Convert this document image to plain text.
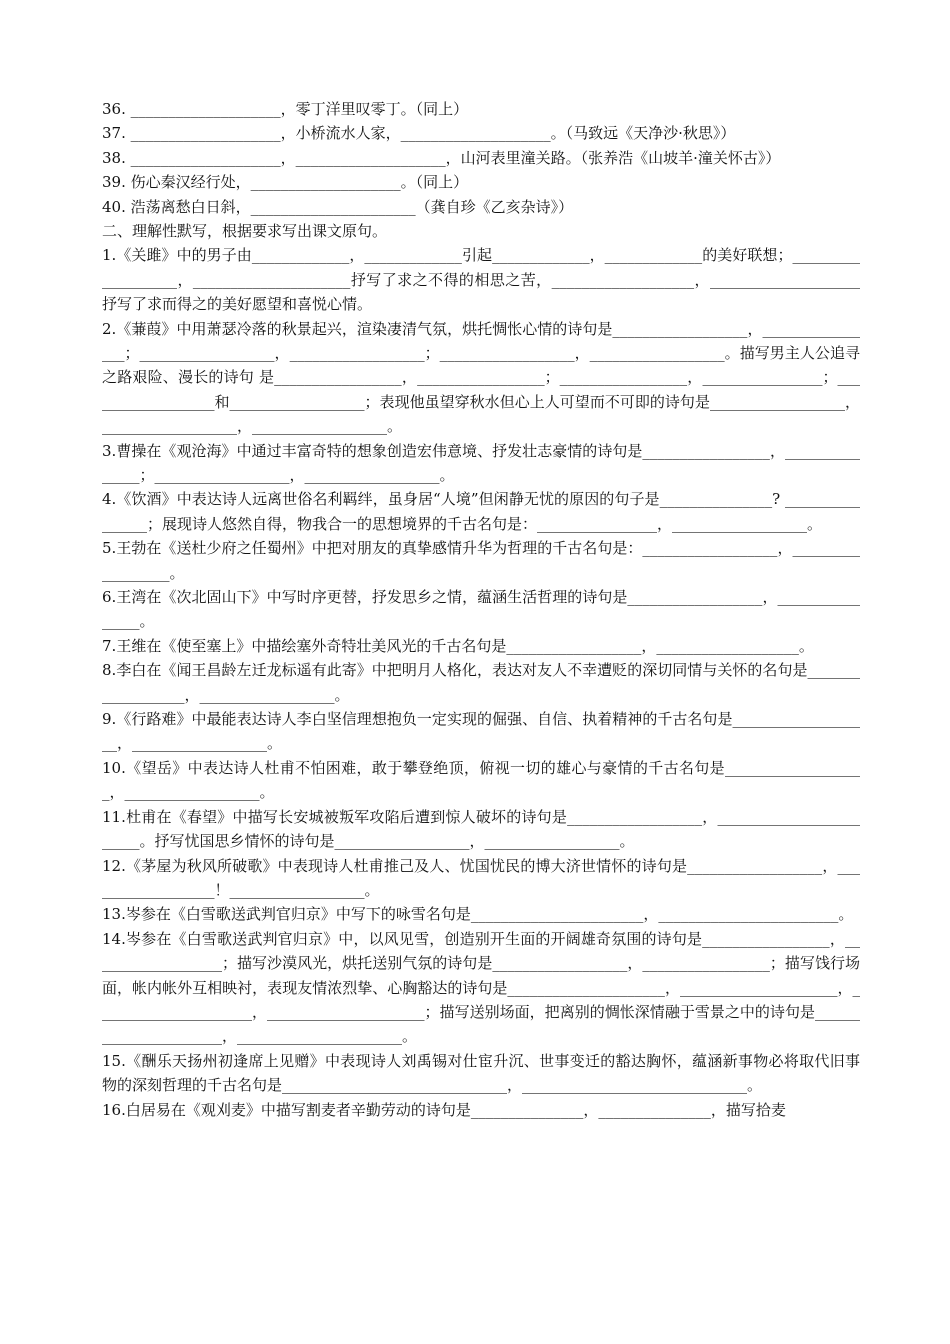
36. ____________________，零丁洋里叹零丁。（同上）
37. ____________________，小桥流水人家，____________________。（马致远《天净沙·秋思》）
38. ____________________，____________________，山河表里潼关路。（张养浩《山坡羊·潼关怀古》）
39. 伤心秦汉经行处，____________________。（同上）
40. 浩荡离愁白日斜，______________________（龚自珍《乙亥杂诗》）
二、理解性默写，根据要求写出课文原句。

1.《关雎》中的男子由_____________，_____________引起_____________，_____________的美好联想；___________________，_____________________抒写了求之不得的相思之苦，___________________，____________________抒写了求而得之的美好愿望和喜悦心情。

2.《蒹葭》中用萧瑟冷落的秋景起兴，渲染凄清气氛，烘托惆怅心情的诗句是__________________，________________；__________________，__________________；__________________，__________________。描写男主人公追寻之路艰险、漫长的诗句 是_________________，_________________；_________________，________________；__________________和__________________；表现他虽望穿秋水但心上人可望而不可即的诗句是__________________，__________________，__________________。

3.曹操在《观沧海》中通过丰富奇特的想象创造宏伟意境、抒发壮志豪情的诗句是_________________，_______________；__________________，__________________。

4.《饮酒》中表达诗人远离世俗名利羁绊，虽身居“人境”但闲静无忧的原因的句子是_______________? ________________；展现诗人悠然自得，物我合一的思想境界的千古名句是：________________，__________________。

5.王勃在《送杜少府之任蜀州》中把对朋友的真挚感情升华为哲理的千古名句是：__________________，__________________。

6.王湾在《次北固山下》中写时序更替，抒发思乡之情，蕴涵生活哲理的诗句是__________________，________________。

7.王维在《使至塞上》中描绘塞外奇特壮美风光的千古名句是__________________，___________________。

8.李白在《闻王昌龄左迁龙标遥有此寄》中把明月人格化，表达对友人不幸遭贬的深切同情与关怀的名句是__________________，__________________。

9.《行路难》中最能表达诗人李白坚信理想抱负一定实现的倔强、自信、执着精神的千古名句是___________________，__________________。

10.《望岳》中表达诗人杜甫不怕困难，敢于攀登绝顶，俯视一切的雄心与豪情的千古名句是___________________，__________________。

11.杜甫在《春望》中描写长安城被叛军攻陷后遭到惊人破坏的诗句是__________________，________________________。抒写忧国思乡情怀的诗句是__________________，__________________。

12.《茅屋为秋风所破歌》中表现诗人杜甫推己及人、忧国忧民的博大济世情怀的诗句是__________________，__________________！__________________。

13.岑参在《白雪歌送武判官归京》中写下的咏雪名句是_______________________，________________________。

14.岑参在《白雪歌送武判官归京》中，以风见雪，创造别开生面的开阔雄奇氛围的诗句是_________________，__________________；描写沙漠风光，烘托送别气氛的诗句是__________________，_________________；描写饯行场面，帐内帐外互相映衬，表现友情浓烈挚、心胸豁达的诗句是_____________________，_____________________，_____________________，_____________________；描写送别场面，把离别的惆怅深情融于雪景之中的诗句是______________________，______________________。

15.《酬乐天扬州初逢席上见赠》中表现诗人刘禹锡对仕宦升沉、世事变迁的豁达胸怀，蕴涵新事物必将取代旧事物的深刻哲理的千古名句是______________________________，______________________________。

16.白居易在《观刈麦》中描写割麦者辛勤劳动的诗句是_______________，_______________，描写拾麦
